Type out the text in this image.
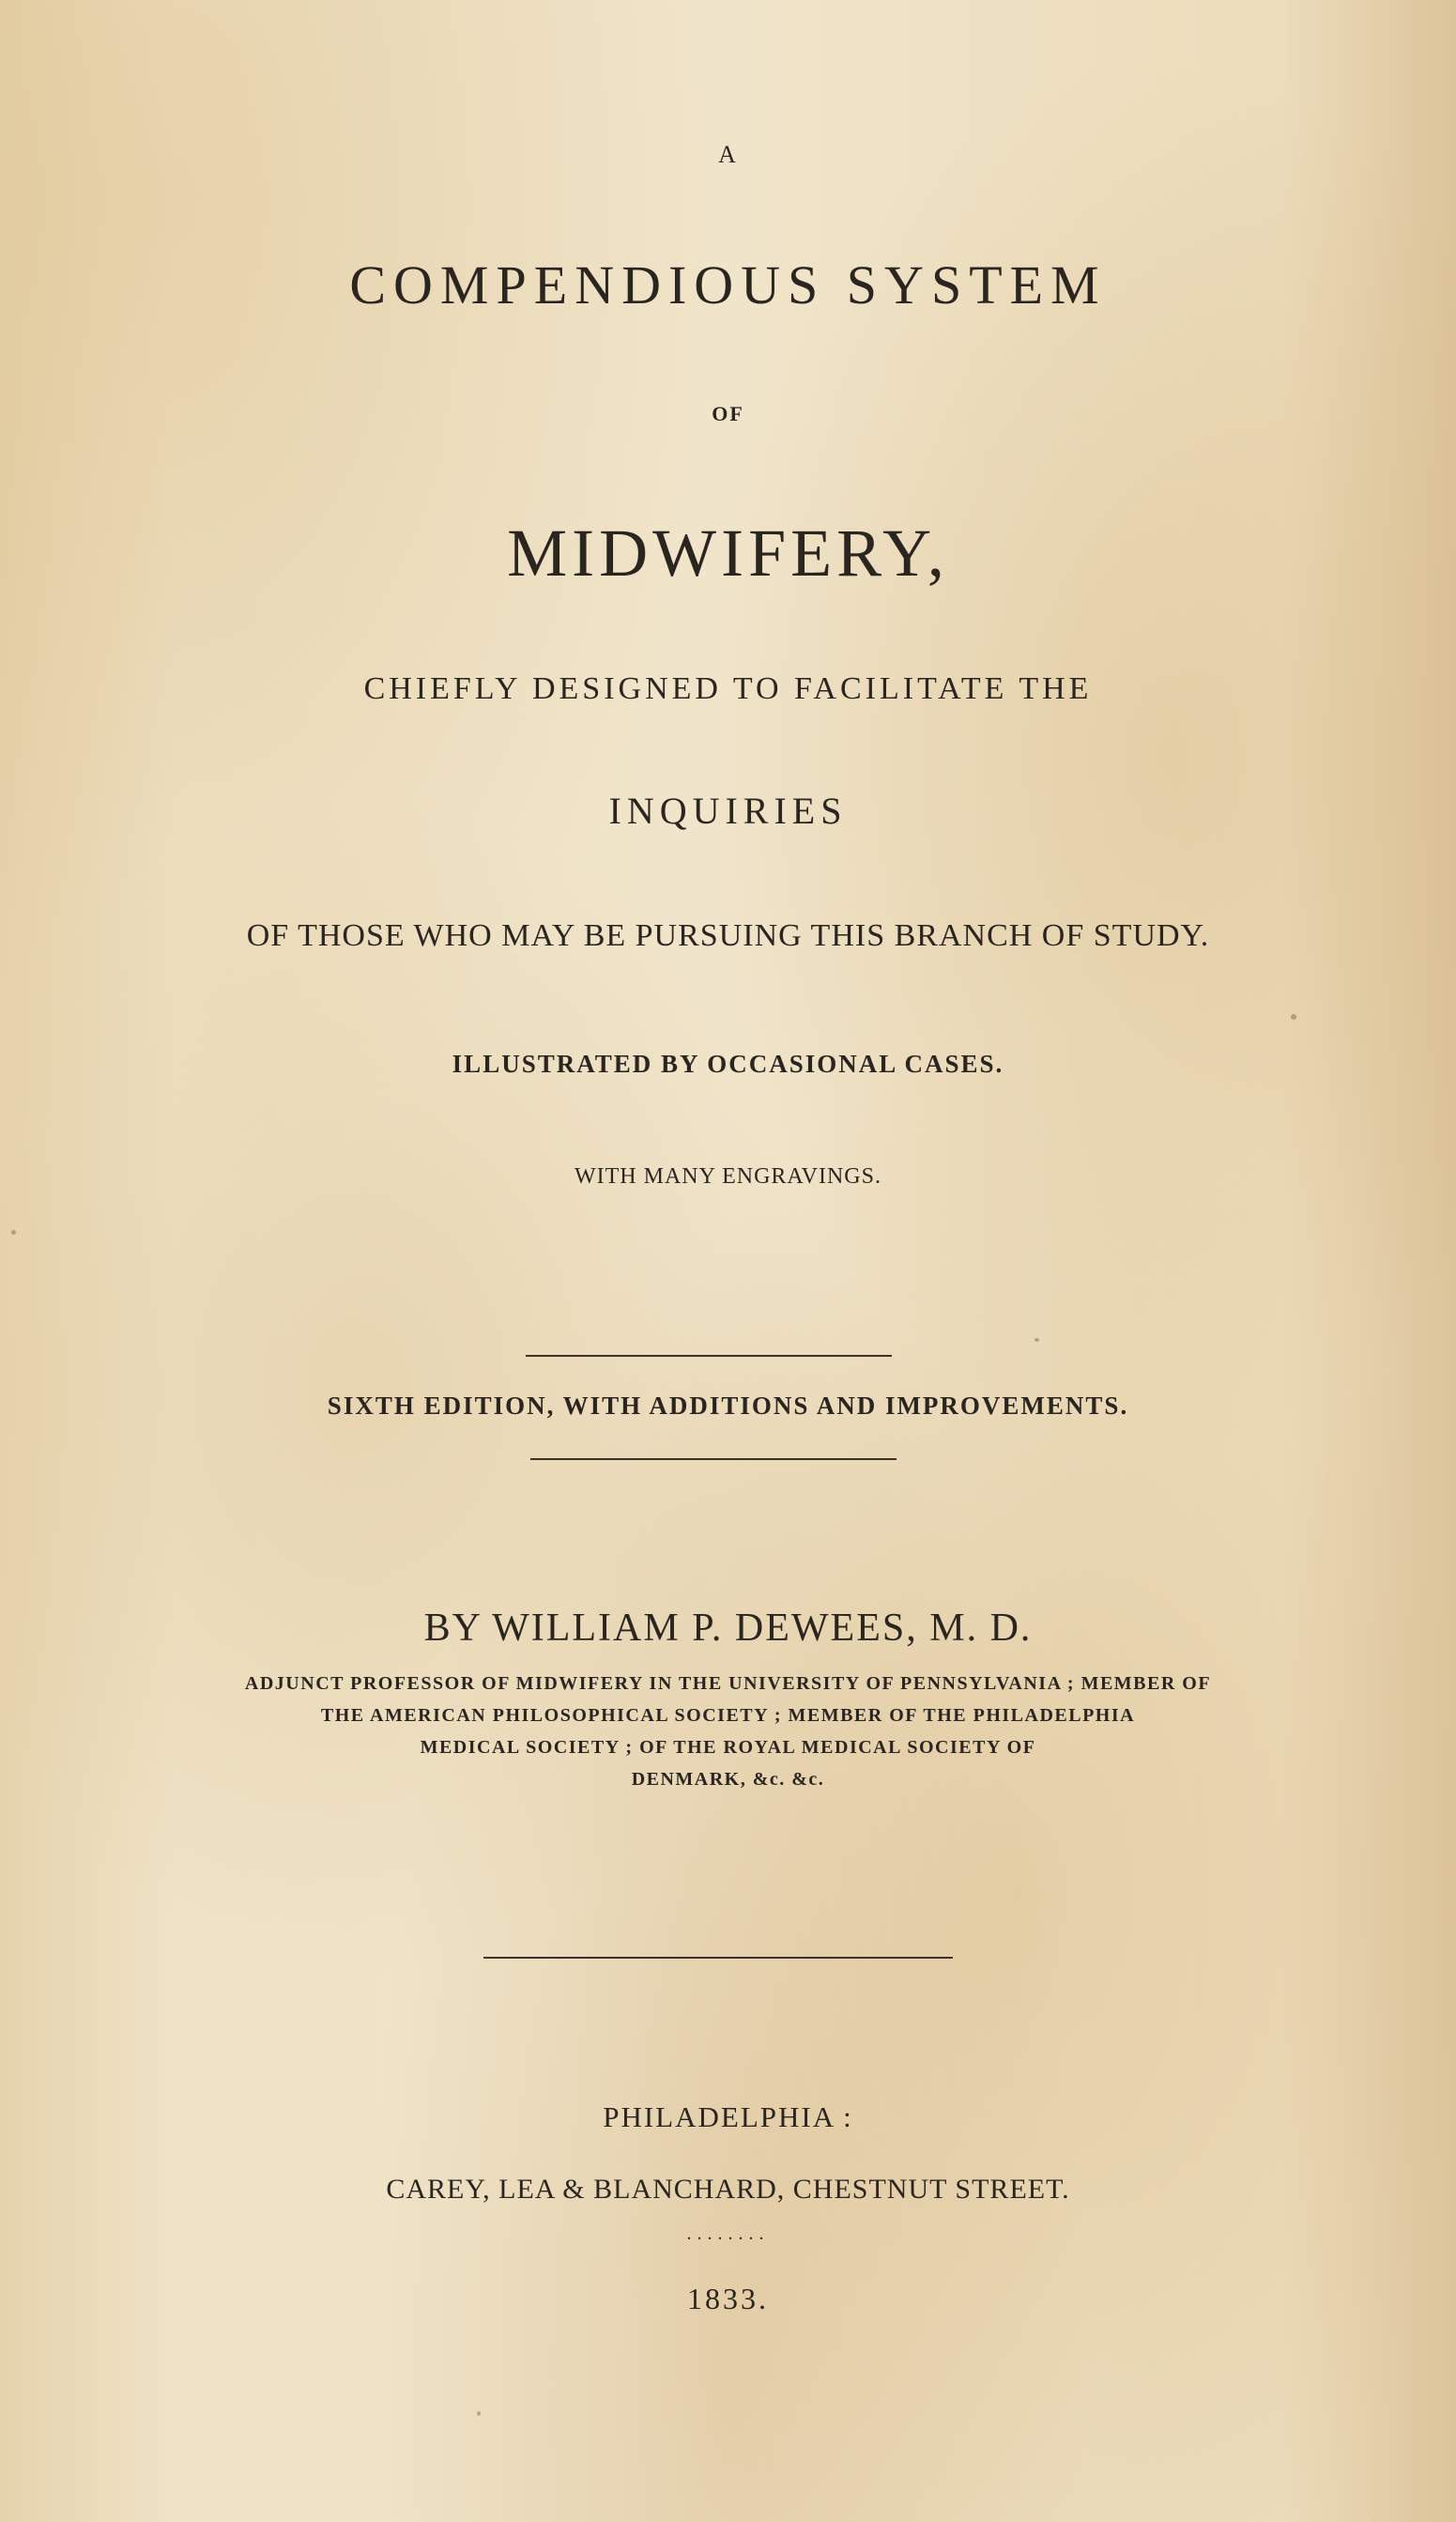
A

COMPENDIOUS SYSTEM

OF

MIDWIFERY,

CHIEFLY DESIGNED TO FACILITATE THE

INQUIRIES

OF THOSE WHO MAY BE PURSUING THIS BRANCH OF STUDY.

ILLUSTRATED BY OCCASIONAL CASES.

WITH MANY ENGRAVINGS.

SIXTH EDITION, WITH ADDITIONS AND IMPROVEMENTS.

BY WILLIAM P. DEWEES, M. D.

ADJUNCT PROFESSOR OF MIDWIFERY IN THE UNIVERSITY OF PENNSYLVANIA ; MEMBER OF

THE AMERICAN PHILOSOPHICAL SOCIETY ; MEMBER OF THE PHILADELPHIA

MEDICAL SOCIETY ; OF THE ROYAL MEDICAL SOCIETY OF

DENMARK, &c. &c.

PHILADELPHIA :

CAREY, LEA & BLANCHARD, CHESTNUT STREET.

........

1833.
